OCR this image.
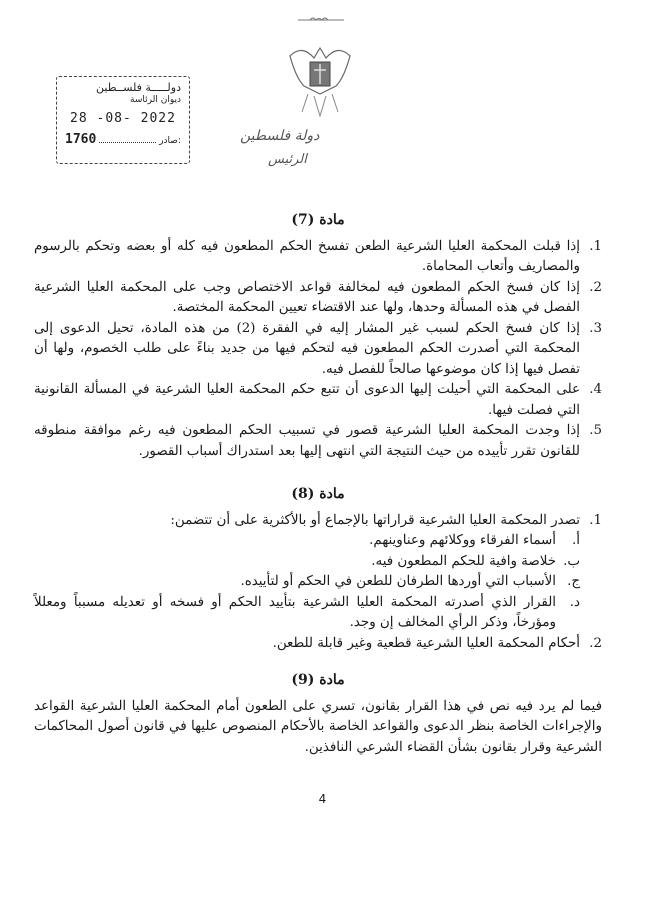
دولـــــة فلســطين
ديوان الرئاسة
28 -08- 2022
1760	صادر:	دولة فلسطين
الرئيس
مادة (7)
1.
إذا قبلت المحكمة العليا الشرعية الطعن تفسخ الحكم المطعون فيه كله أو بعضه وتحكم بالرسوم والمصاريف وأتعاب المحاماة.
2.
إذا كان فسخ الحكم المطعون فيه لمخالفة قواعد الاختصاص وجب على المحكمة العليا الشرعية الفصل في هذه المسألة وحدها، ولها عند الاقتضاء تعيين المحكمة المختصة.
3.
إذا كان فسخ الحكم لسبب غير المشار إليه في الفقرة (2) من هذه المادة، تحيل الدعوى إلى المحكمة التي أصدرت الحكم المطعون فيه لتحكم فيها من جديد بناءً على طلب الخصوم، ولها أن تفصل فيها إذا كان موضوعها صالحاً للفصل فيه.
4.
على المحكمة التي أحيلت إليها الدعوى أن تتبع حكم المحكمة العليا الشرعية في المسألة القانونية التي فصلت فيها.
5.
إذا وجدت المحكمة العليا الشرعية قصور في تسبيب الحكم المطعون فيه رغم موافقة منطوقه للقانون تقرر تأييده من حيث النتيجة التي انتهى إليها بعد استدراك أسباب القصور.
مادة (8)
1.
تصدر المحكمة العليا الشرعية قراراتها بالإجماع أو بالأكثرية على أن تتضمن:
أ.
أسماء الفرقاء ووكلائهم وعناوينهم.
ب.
خلاصة وافية للحكم المطعون فيه.
ج.
الأسباب التي أوردها الطرفان للطعن في الحكم أو لتأييده.
د.
القرار الذي أصدرته المحكمة العليا الشرعية بتأييد الحكم أو فسخه أو تعديله مسبباً ومعللاً ومؤرخاً، وذكر الرأي المخالف إن وجد.
2.
أحكام المحكمة العليا الشرعية قطعية وغير قابلة للطعن.
مادة (9)
فيما لم يرد فيه نص في هذا القرار بقانون، تسري على الطعون أمام المحكمة العليا الشرعية القواعد والإجراءات الخاصة بنظر الدعوى والقواعد الخاصة بالأحكام المنصوص عليها في قانون أصول المحاكمات الشرعية وقرار بقانون بشأن القضاء الشرعي النافذين.
4
